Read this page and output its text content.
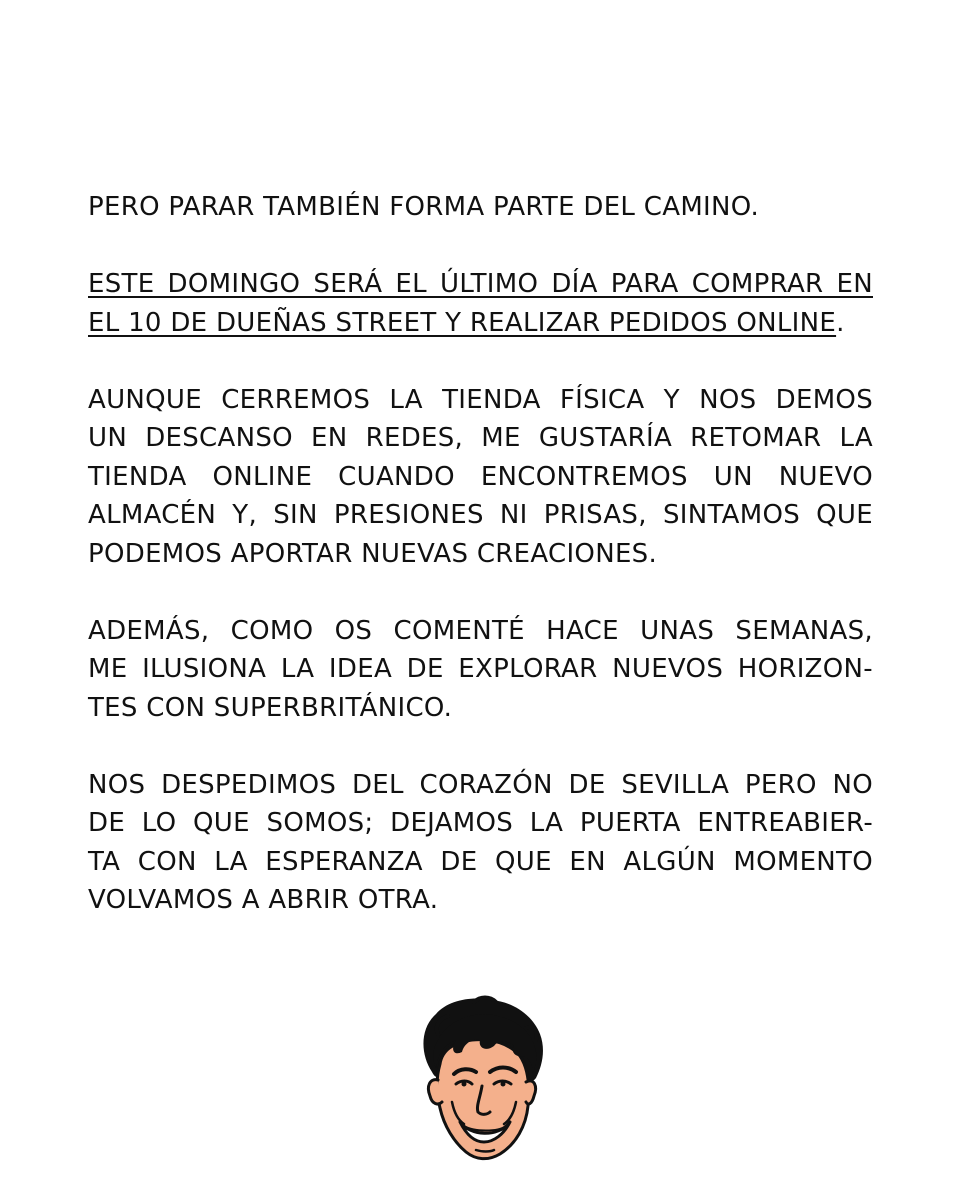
PERO PARAR TAMBIÉN FORMA PARTE DEL CAMINO.

ESTE DOMINGO SERÁ EL ÚLTIMO DÍA PARA COMPRAR EN
EL 10 DE DUEÑAS STREET Y REALIZAR PEDIDOS ONLINE.

AUNQUE CERREMOS LA TIENDA FÍSICA Y NOS DEMOS
UN DESCANSO EN REDES, ME GUSTARÍA RETOMAR LA
TIENDA ONLINE CUANDO ENCONTREMOS UN NUEVO
ALMACÉN Y, SIN PRESIONES NI PRISAS, SINTAMOS QUE
PODEMOS APORTAR NUEVAS CREACIONES.

ADEMÁS, COMO OS COMENTÉ HACE UNAS SEMANAS,
ME ILUSIONA LA IDEA DE EXPLORAR NUEVOS HORIZON-
TES CON SUPERBRITÁNICO.

NOS DESPEDIMOS DEL CORAZÓN DE SEVILLA PERO NO
DE LO QUE SOMOS; DEJAMOS LA PUERTA ENTREABIER-
TA CON LA ESPERANZA DE QUE EN ALGÚN MOMENTO
VOLVAMOS A ABRIR OTRA.
